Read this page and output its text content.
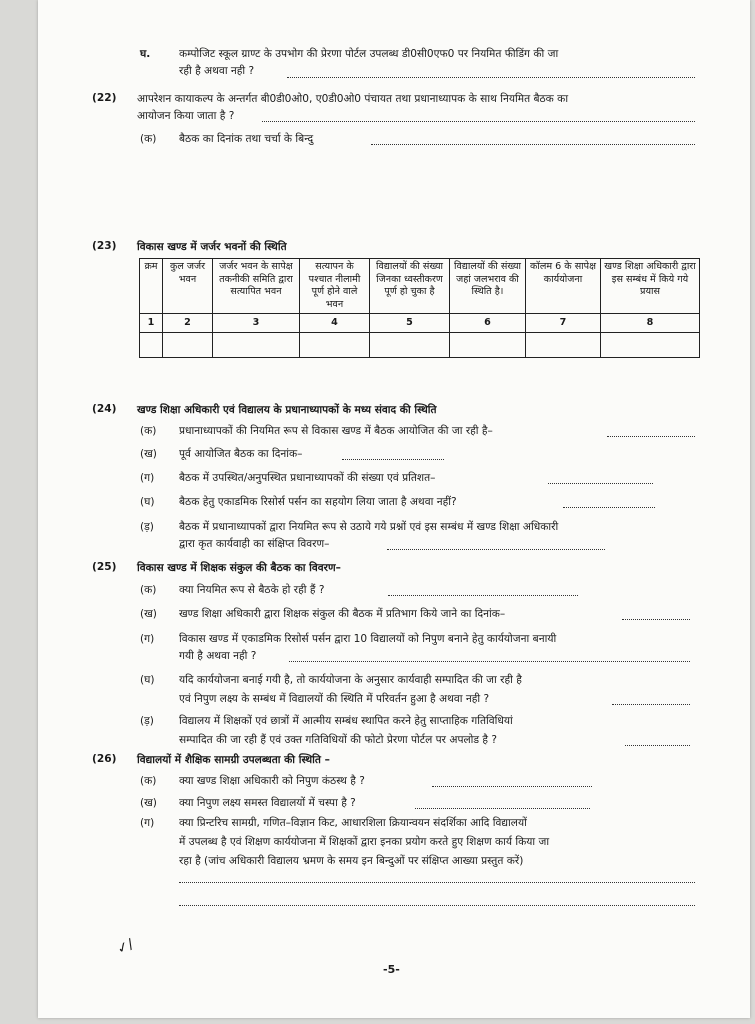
घ.	कम्पोजिट स्कूल ग्राण्ट के उपभोग की प्रेरणा पोर्टल उपलब्ध डी0सी0एफ0 पर नियमित फीडिंग की जा
रही है अथवा नही ?
(22) आपरेशन कायाकल्प के अन्तर्गत बी0डी0ओ0, ए0डी0ओ0 पंचायत तथा प्रधानाध्यापक के साथ नियमित बैठक का
आयोजन किया जाता है ?
(क) बैठक का दिनांक तथा चर्चा के बिन्दु
(23) विकास खण्ड में जर्जर भवनों की स्थिति
क्रम	कुल जर्जर भवन	जर्जर भवन के सापेक्ष तकनीकी समिति द्वारा सत्यापित भवन	सत्यापन के पश्चात नीलामी पूर्ण होने वाले भवन	विद्यालयों की संख्या जिनका ध्वस्तीकरण पूर्ण हो चुका है	विद्यालयों की संख्या जहां जलभराव की स्थिति है।	कॉलम 6 के सापेक्ष कार्ययोजना	खण्ड शिक्षा अधिकारी द्वारा इस सम्बंध में किये गये प्रयास
1	2	3	4	5	6	7	8

(24) खण्ड शिक्षा अधिकारी एवं विद्यालय के प्रधानाध्यापकों के मध्य संवाद की स्थिति
(क) प्रधानाध्यापकों की नियमित रूप से विकास खण्ड में बैठक आयोजित की जा रही है–
(ख) पूर्व आयोजित बैठक का दिनांक–
(ग) बैठक में उपस्थित/अनुपस्थित प्रधानाध्यापकों की संख्या एवं प्रतिशत–
(घ) बैठक हेतु एकाडमिक रिसोर्स पर्सन का सहयोग लिया जाता है अथवा नहीं?
(ड़) बैठक में प्रधानाध्यापकों द्वारा नियमित रूप से उठाये गये प्रश्नों एवं इस सम्बंध में खण्ड शिक्षा अधिकारी
द्वारा कृत कार्यवाही का संक्षिप्त विवरण–
(25) विकास खण्ड में शिक्षक संकुल की बैठक का विवरण–
(क) क्या नियमित रूप से बैठके हो रही हैं ?
(ख) खण्ड शिक्षा अधिकारी द्वारा शिक्षक संकुल की बैठक में प्रतिभाग किये जाने का दिनांक–
(ग) विकास खण्ड में एकाडमिक रिसोर्स पर्सन द्वारा 10 विद्यालयों को निपुण बनाने हेतु कार्ययोजना बनायी
गयी है अथवा नही ?
(घ) यदि कार्ययोजना बनाई गयी है, तो कार्ययोजना के अनुसार कार्यवाही सम्पादित की जा रही है
एवं निपुण लक्ष्य के सम्बंध में विद्यालयों की स्थिति में परिवर्तन हुआ है अथवा नही ?
(ड़) विद्यालय में शिक्षकों एवं छात्रों में आत्मीय सम्बंध स्थापित करने हेतु साप्ताहिक गतिविधियां
सम्पादित की जा रही हैं एवं उक्त गतिविधियों की फोटो प्रेरणा पोर्टल पर अपलोड है ?
(26) विद्यालयों में शैक्षिक सामग्री उपलब्धता की स्थिति –
(क) क्या खण्ड शिक्षा अधिकारी को निपुण कंठस्थ है ?
(ख) क्या निपुण लक्ष्य समस्त विद्यालयों में चस्पा है ?
(ग) क्या प्रिन्टरिच सामग्री, गणित–विज्ञान किट, आधारशिला क्रियान्वयन संदर्शिका आदि विद्यालयों
में उपलब्ध है एवं शिक्षण कार्ययोजना में शिक्षकों द्वारा इनका प्रयोग करते हुए शिक्षण कार्य किया जा
रहा है (जांच अधिकारी विद्यालय भ्रमण के समय इन बिन्दुओं पर संक्षिप्त आख्या प्रस्तुत करें)
✓/
-5-
